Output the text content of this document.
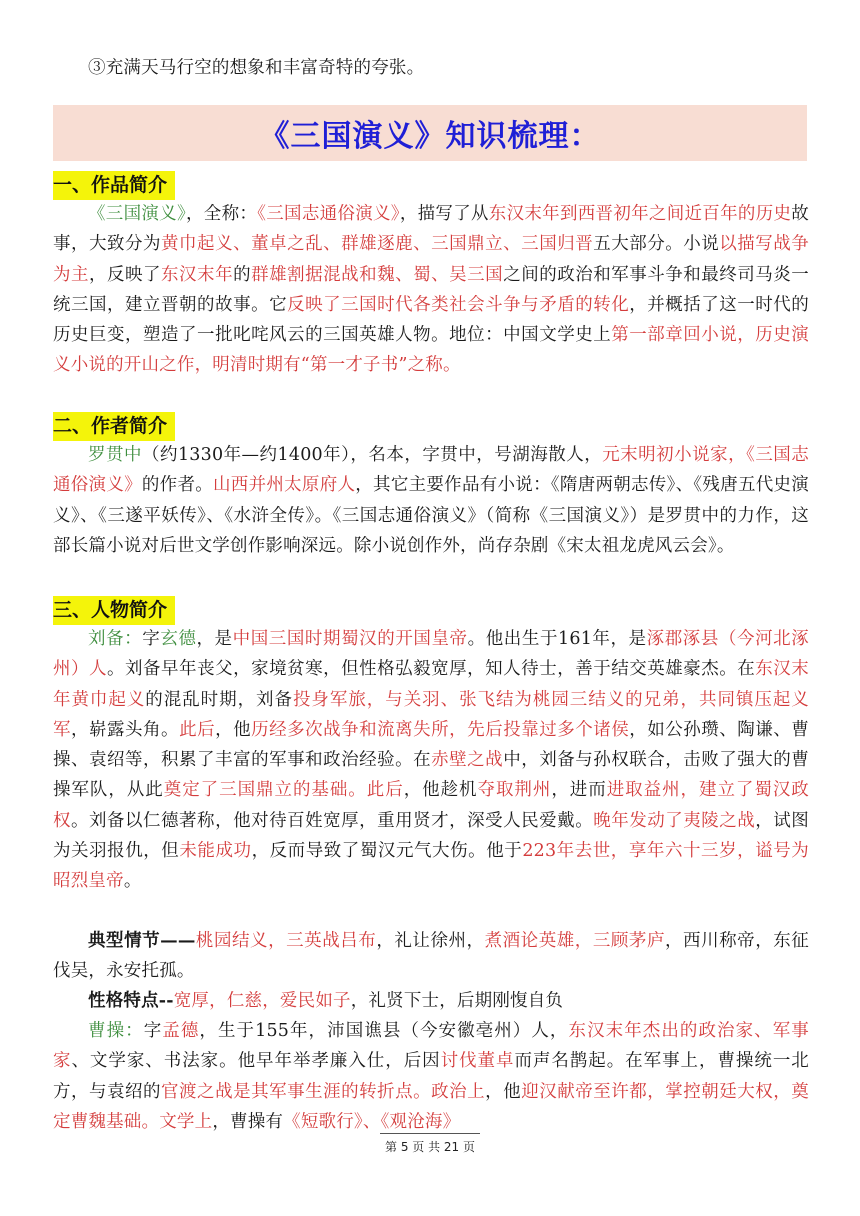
③充满天马行空的想象和丰富奇特的夸张。

《三国演义》知识梳理：
一、作品简介

《三国演义》，全称：《三国志通俗演义》，描写了从东汉末年到西晋初年之间近百年的历史故事，大致分为黄巾起义、董卓之乱、群雄逐鹿、三国鼎立、三国归晋五大部分。小说以描写战争为主，反映了东汉末年的群雄割据混战和魏、蜀、吴三国之间的政治和军事斗争和最终司马炎一统三国，建立晋朝的故事。它反映了三国时代各类社会斗争与矛盾的转化，并概括了这一时代的历史巨变，塑造了一批叱咤风云的三国英雄人物。地位：中国文学史上第一部章回小说，历史演义小说的开山之作，明清时期有“第一才子书”之称。

二、作者简介

罗贯中（约1330年—约1400年），名本，字贯中，号湖海散人，元末明初小说家，《三国志通俗演义》的作者。山西并州太原府人，其它主要作品有小说：《隋唐两朝志传》、《残唐五代史演义》、《三遂平妖传》、《水浒全传》。《三国志通俗演义》（简称《三国演义》）是罗贯中的力作，这部长篇小说对后世文学创作影响深远。除小说创作外，尚存杂剧《宋太祖龙虎风云会》。

三、人物简介

刘备：字玄德，是中国三国时期蜀汉的开国皇帝。他出生于161年，是涿郡涿县（今河北涿州）人。刘备早年丧父，家境贫寒，但性格弘毅宽厚，知人待士，善于结交英雄豪杰。在东汉末年黄巾起义的混乱时期，刘备投身军旅，与关羽、张飞结为桃园三结义的兄弟，共同镇压起义军，崭露头角。此后，他历经多次战争和流离失所，先后投靠过多个诸侯，如公孙瓒、陶谦、曹操、袁绍等，积累了丰富的军事和政治经验。在赤壁之战中，刘备与孙权联合，击败了强大的曹操军队，从此奠定了三国鼎立的基础。此后，他趁机夺取荆州，进而进取益州，建立了蜀汉政权。刘备以仁德著称，他对待百姓宽厚，重用贤才，深受人民爱戴。晚年发动了夷陵之战，试图为关羽报仇，但未能成功，反而导致了蜀汉元气大伤。他于223年去世，享年六十三岁，谥号为昭烈皇帝。

典型情节——桃园结义，三英战吕布，礼让徐州，煮酒论英雄，三顾茅庐，西川称帝，东征伐吴，永安托孤。

性格特点--宽厚，仁慈，爱民如子，礼贤下士，后期刚愎自负

曹操：字孟德，生于155年，沛国谯县（今安徽亳州）人，东汉末年杰出的政治家、军事家、文学家、书法家。他早年举孝廉入仕，后因讨伐董卓而声名鹊起。在军事上，曹操统一北方，与袁绍的官渡之战是其军事生涯的转折点。政治上，他迎汉献帝至许都，掌控朝廷大权，奠定曹魏基础。文学上，曹操有《短歌行》、《观沧海》

第 5 页 共 21 页
